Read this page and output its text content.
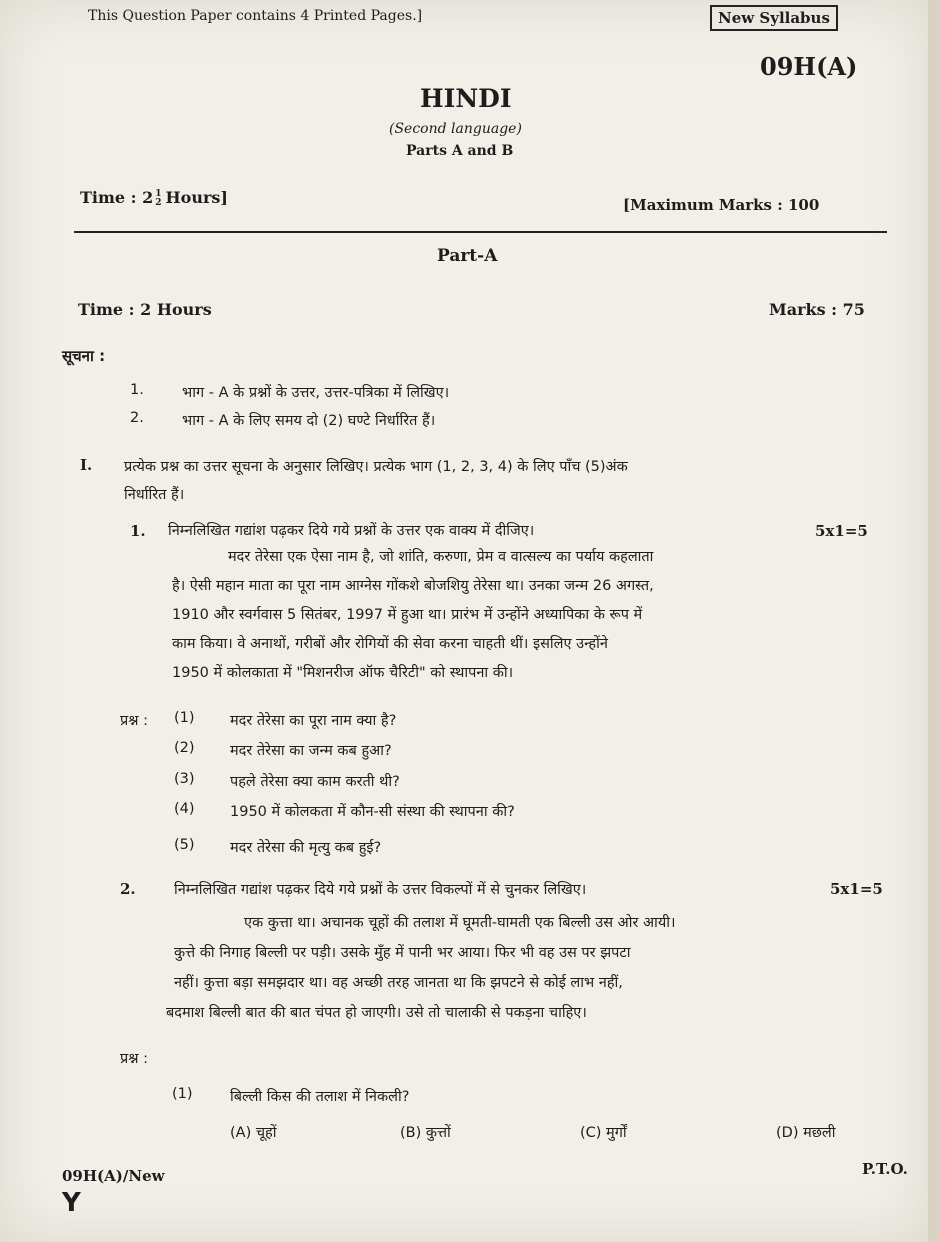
This Question Paper contains 4 Printed Pages.]	New Syllabus
09H(A)
HINDI
(Second language)
Parts A and B
Time : 2 1
2 Hours]	[Maximum Marks : 100
Part-A
Time : 2 Hours	Marks : 75
सूचना :
1.	भाग - A के प्रश्नों के उत्तर, उत्तर-पत्रिका में लिखिए।
2.	भाग - A के लिए समय दो (2) घण्टे निर्धारित हैं।
I. प्रत्येक प्रश्न का उत्तर सूचना के अनुसार लिखिए। प्रत्येक भाग (1, 2, 3, 4) के लिए पाँच (5)अंक
निर्धारित हैं।
1. निम्नलिखित गद्यांश पढ़कर दिये गये प्रश्नों के उत्तर एक वाक्य में दीजिए।	5x1=5
मदर तेरेसा एक ऐसा नाम है, जो शांति, करुणा, प्रेम व वात्सल्य का पर्याय कहलाता
है। ऐसी महान माता का पूरा नाम आग्नेस गोंकशे बोजशियु तेरेसा था। उनका जन्म 26 अगस्त,
1910 और स्वर्गवास 5 सितंबर, 1997 में हुआ था। प्रारंभ में उन्होंने अध्यापिका के रूप में
काम किया। वे अनाथों, गरीबों और रोगियों की सेवा करना चाहती थीं। इसलिए उन्होंने
1950 में कोलकाता में "मिशनरीज ऑफ चैरिटी" को स्थापना की।
प्रश्न : (1) मदर तेरेसा का पूरा नाम क्या है?
(2) मदर तेरेसा का जन्म कब हुआ?
(3) पहले तेरेसा क्या काम करती थी?
(4) 1950 में कोलकता में कौन-सी संस्था की स्थापना की?
(5) मदर तेरेसा की मृत्यु कब हुई?
2.	निम्नलिखित गद्यांश पढ़कर दिये गये प्रश्नों के उत्तर विकल्पों में से चुनकर लिखिए।	5x1=5
एक कुत्ता था। अचानक चूहों की तलाश में घूमती-घामती एक बिल्ली उस ओर आयी।
कुत्ते की निगाह बिल्ली पर पड़ी। उसके मुँह में पानी भर आया। फिर भी वह उस पर झपटा
नहीं। कुत्ता बड़ा समझदार था। वह अच्छी तरह जानता था कि झपटने से कोई लाभ नहीं,
बदमाश बिल्ली बात की बात चंपत हो जाएगी। उसे तो चालाकी से पकड़ना चाहिए।
प्रश्न :
(1)	बिल्ली किस की तलाश में निकली?
(A) चूहों	(B) कुत्तों	(C) मुर्गों	(D) मछली
09H(A)/New	P.T.O.
Y
